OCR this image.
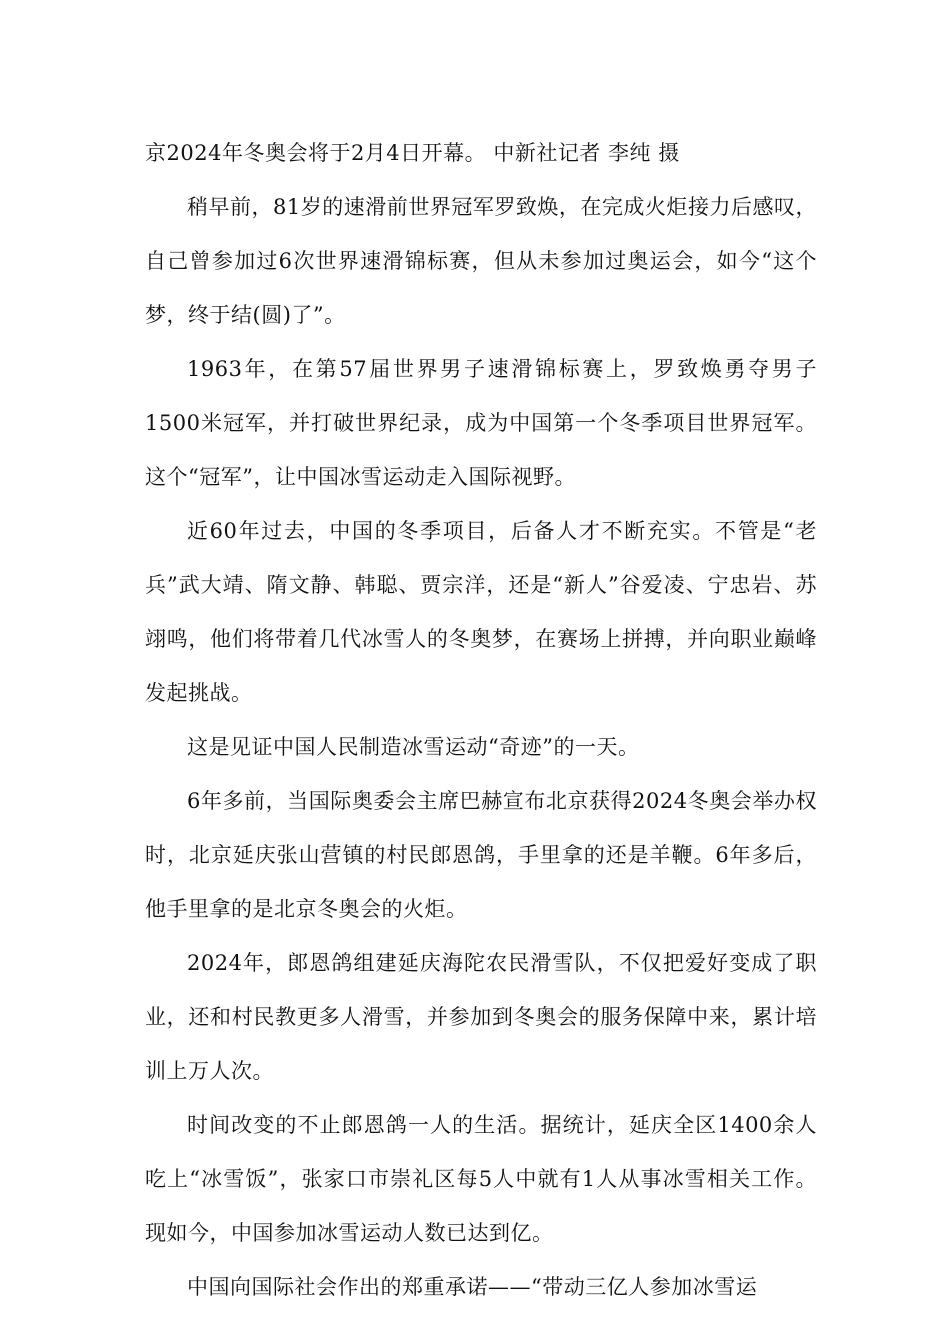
京2024年冬奥会将于2月4日开幕。 中新社记者 李纯 摄

稍早前，81岁的速滑前世界冠军罗致焕，在完成火炬接力后感叹，自己曾参加过6次世界速滑锦标赛，但从未参加过奥运会，如今“这个梦，终于结(圆)了”。

1963年，在第57届世界男子速滑锦标赛上，罗致焕勇夺男子1500米冠军，并打破世界纪录，成为中国第一个冬季项目世界冠军。这个“冠军”，让中国冰雪运动走入国际视野。

近60年过去，中国的冬季项目，后备人才不断充实。不管是“老兵”武大靖、隋文静、韩聪、贾宗洋，还是“新人”谷爱凌、宁忠岩、苏翊鸣，他们将带着几代冰雪人的冬奥梦，在赛场上拼搏，并向职业巅峰发起挑战。

这是见证中国人民制造冰雪运动“奇迹”的一天。

6年多前，当国际奥委会主席巴赫宣布北京获得2024冬奥会举办权时，北京延庆张山营镇的村民郎恩鸽，手里拿的还是羊鞭。6年多后，他手里拿的是北京冬奥会的火炬。

2024年，郎恩鸽组建延庆海陀农民滑雪队，不仅把爱好变成了职业，还和村民教更多人滑雪，并参加到冬奥会的服务保障中来，累计培训上万人次。

时间改变的不止郎恩鸽一人的生活。据统计，延庆全区1400余人吃上“冰雪饭”，张家口市崇礼区每5人中就有1人从事冰雪相关工作。现如今，中国参加冰雪运动人数已达到亿。

中国向国际社会作出的郑重承诺——“带动三亿人参加冰雪运
